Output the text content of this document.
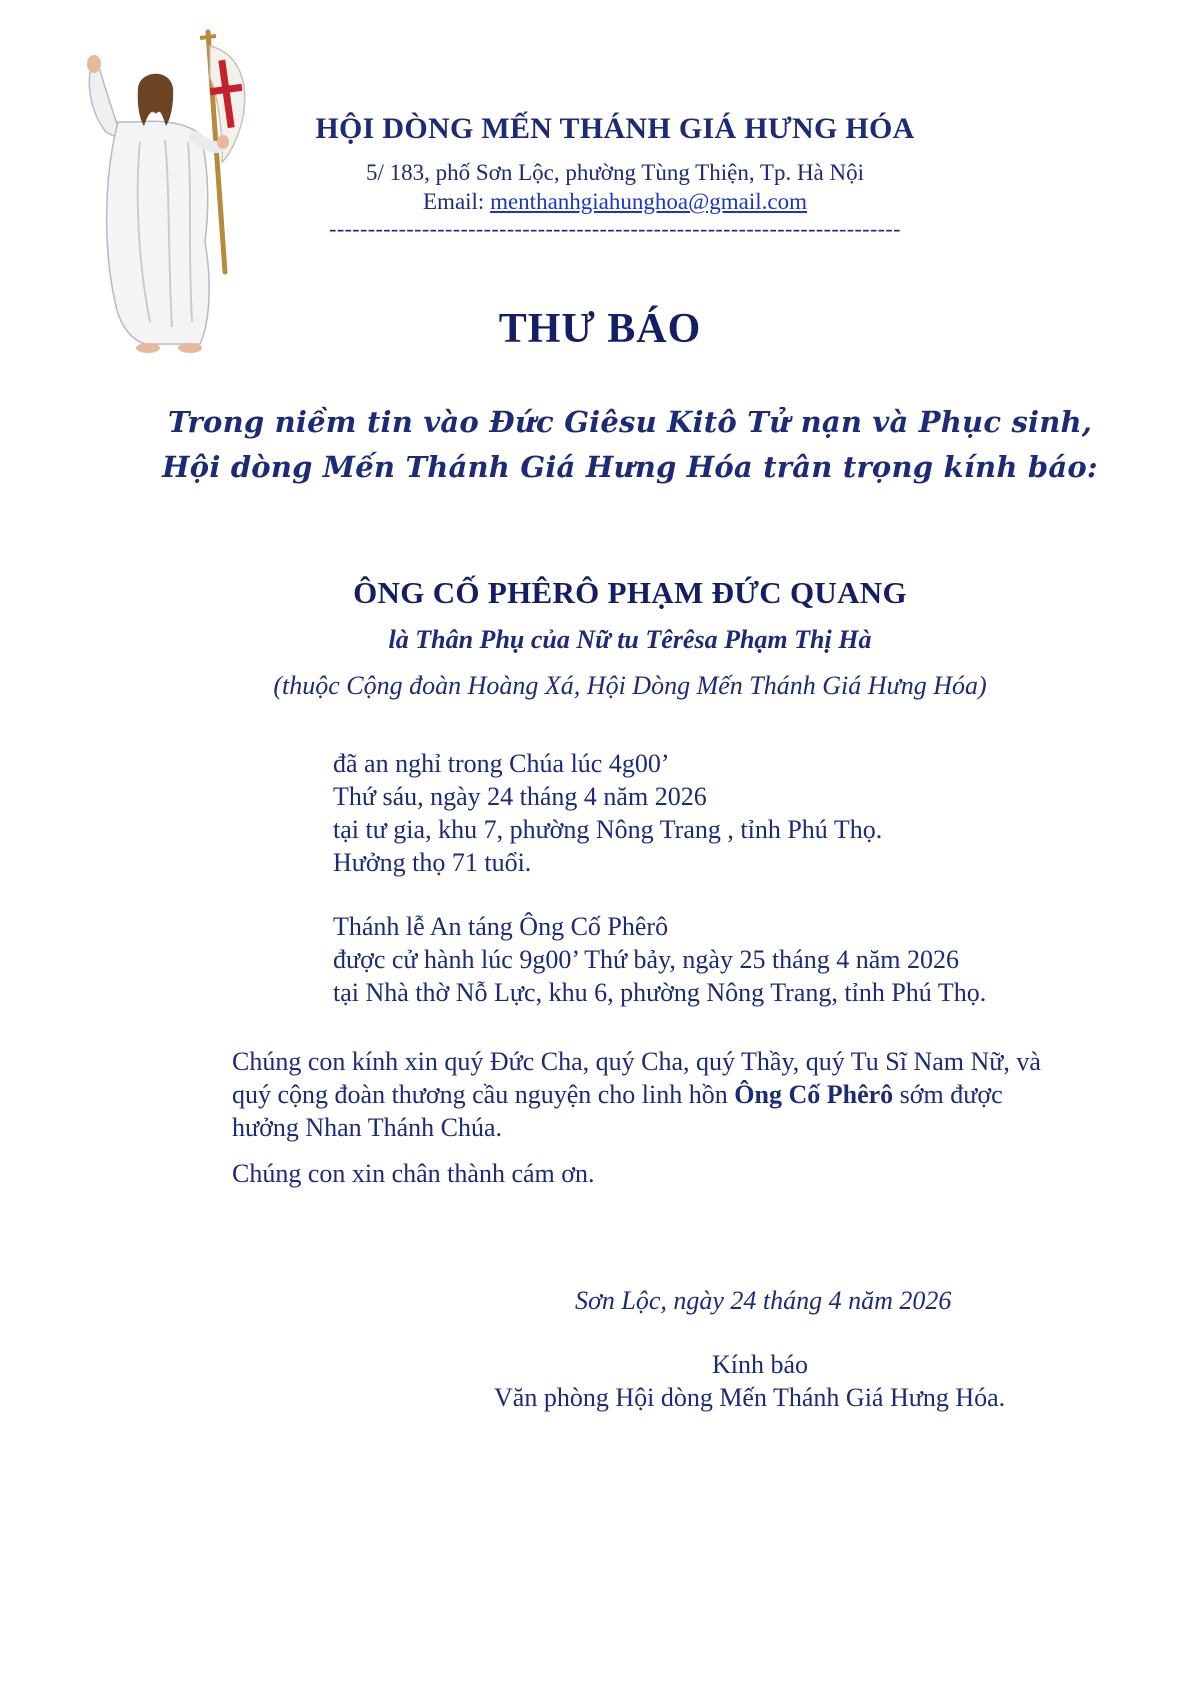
HỘI DÒNG MẾN THÁNH GIÁ HƯNG HÓA
5/ 183, phố Sơn Lộc, phường Tùng Thiện, Tp. Hà Nội
Email: menthanhgiahunghoa@gmail.com
--------------------------------------------------------------------------
THƯ BÁO
Trong niềm tin vào Đức Giêsu Kitô Tử nạn và Phục sinh,
Hội dòng Mến Thánh Giá Hưng Hóa trân trọng kính báo:
ÔNG CỐ PHÊRÔ PHẠM ĐỨC QUANG
là Thân Phụ của Nữ tu Têrêsa Phạm Thị Hà
(thuộc Cộng đoàn Hoàng Xá, Hội Dòng Mến Thánh Giá Hưng Hóa)
đã an nghỉ trong Chúa lúc 4g00’
Thứ sáu, ngày 24 tháng 4 năm 2026
tại tư gia, khu 7, phường Nông Trang , tỉnh Phú Thọ.
Hưởng thọ 71 tuổi.
Thánh lễ An táng Ông Cố Phêrô
được cử hành lúc 9g00’ Thứ bảy, ngày 25 tháng 4 năm 2026
tại Nhà thờ Nỗ Lực, khu 6, phường Nông Trang, tỉnh Phú Thọ.
Chúng con kính xin quý Đức Cha, quý Cha, quý Thầy, quý Tu Sĩ Nam Nữ, và quý cộng đoàn thương cầu nguyện cho linh hồn Ông Cố Phêrô sớm được hưởng Nhan Thánh Chúa.
Chúng con xin chân thành cám ơn.
Sơn Lộc, ngày 24 tháng 4 năm 2026
Kính báo
Văn phòng Hội dòng Mến Thánh Giá Hưng Hóa.
